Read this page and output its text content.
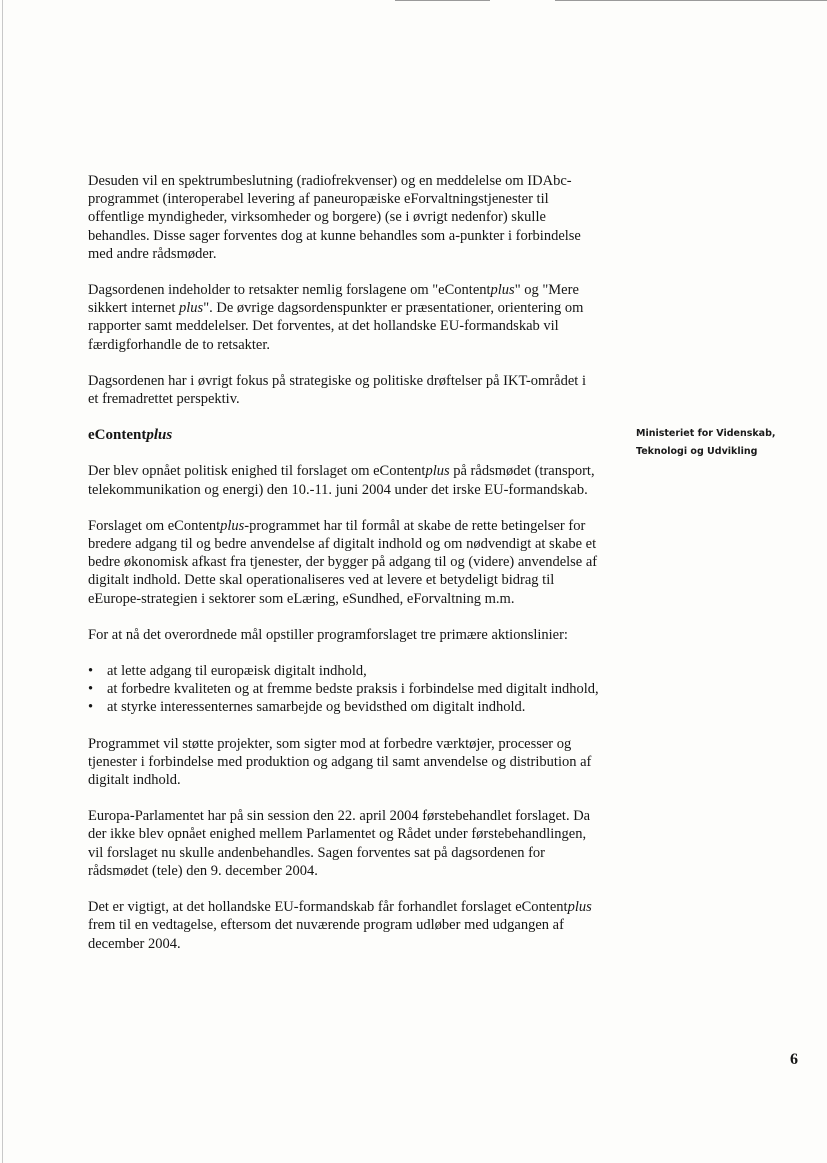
Desuden vil en spektrumbeslutning (radiofrekvenser) og en meddelelse om IDAbc-programmet (interoperabel levering af paneuropæiske eForvaltningstjenester til offentlige myndigheder, virksomheder og borgere) (se i øvrigt nedenfor) skulle behandles. Disse sager forventes dog at kunne behandles som a-punkter i forbindelse med andre rådsmøder.

Dagsordenen indeholder to retsakter nemlig forslagene om "eContentplus" og "Mere sikkert internet plus". De øvrige dagsordenspunkter er præsentationer, orientering om rapporter samt meddelelser. Det forventes, at det hollandske EU-formandskab vil færdigforhandle de to retsakter.

Dagsordenen har i øvrigt fokus på strategiske og politiske drøftelser på IKT-området i et fremadrettet perspektiv.

eContentplus

Der blev opnået politisk enighed til forslaget om eContentplus på rådsmødet (transport, telekommunikation og energi) den 10.-11. juni 2004 under det irske EU-formandskab.

Forslaget om eContentplus-programmet har til formål at skabe de rette betingelser for bredere adgang til og bedre anvendelse af digitalt indhold og om nødvendigt at skabe et bedre økonomisk afkast fra tjenester, der bygger på adgang til og (videre) anvendelse af digitalt indhold. Dette skal operationaliseres ved at levere et betydeligt bidrag til eEurope-strategien i sektorer som eLæring, eSundhed, eForvaltning m.m.

For at nå det overordnede mål opstiller programforslaget tre primære aktionslinier:

• at lette adgang til europæisk digitalt indhold,
• at forbedre kvaliteten og at fremme bedste praksis i forbindelse med digitalt indhold,
• at styrke interessenternes samarbejde og bevidsthed om digitalt indhold.

Programmet vil støtte projekter, som sigter mod at forbedre værktøjer, processer og tjenester i forbindelse med produktion og adgang til samt anvendelse og distribution af digitalt indhold.

Europa-Parlamentet har på sin session den 22. april 2004 førstebehandlet forslaget. Da der ikke blev opnået enighed mellem Parlamentet og Rådet under førstebehandlingen, vil forslaget nu skulle andenbehandles. Sagen forventes sat på dagsordenen for rådsmødet (tele) den 9. december 2004.

Det er vigtigt, at det hollandske EU-formandskab får forhandlet forslaget eContentplus frem til en vedtagelse, eftersom det nuværende program udløber med udgangen af december 2004.

Ministeriet for Videnskab,
Teknologi og Udvikling
6
